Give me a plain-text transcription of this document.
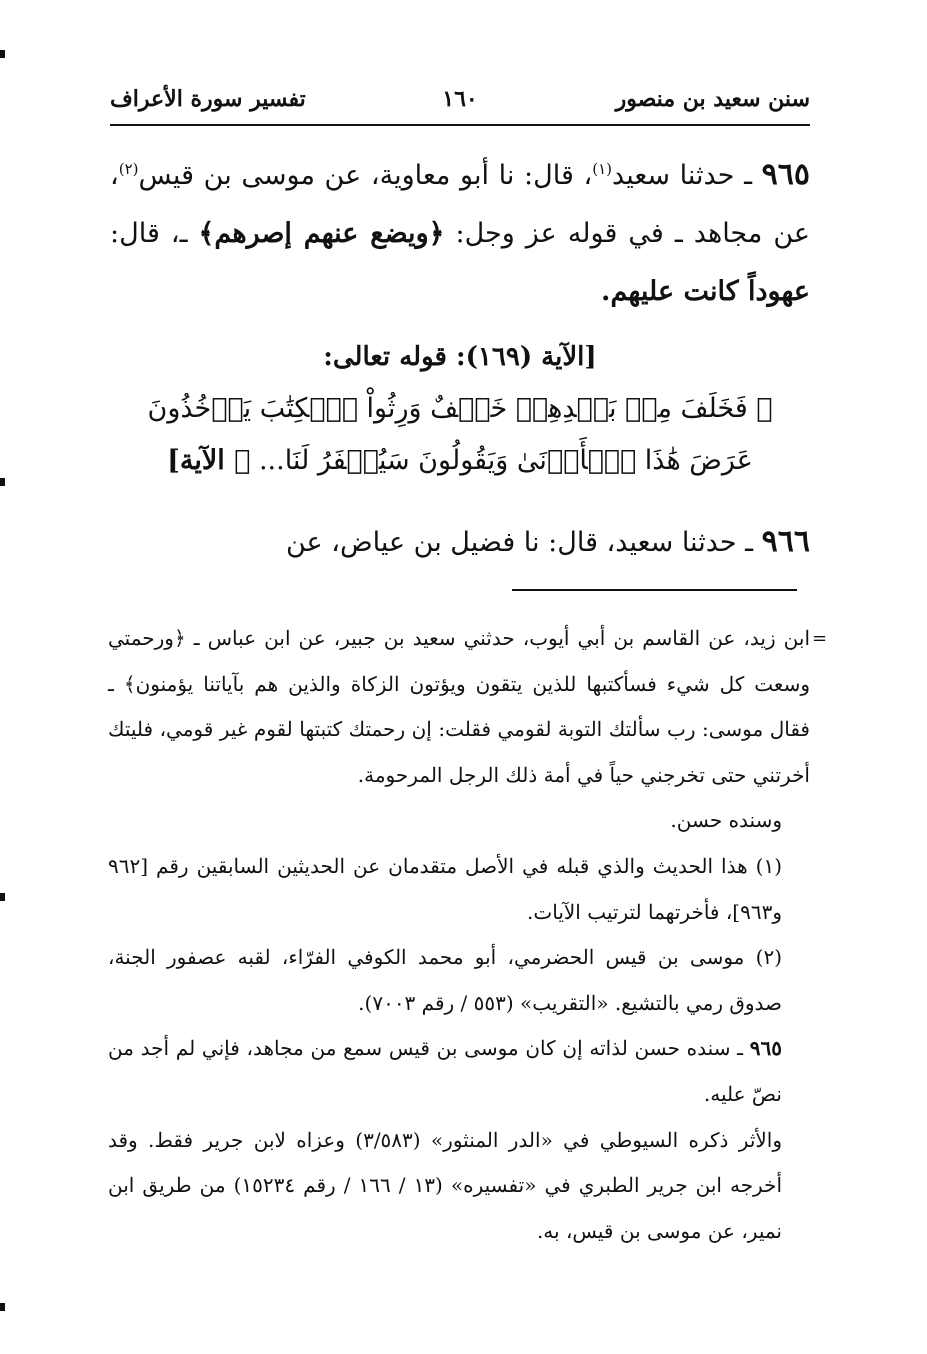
سنن سعيد بن منصور
١٦٠
تفسير سورة الأعراف

٩٦٥ ـ حدثنا سعيد$^{(١)}$، قال: نا أبو معاوية، عن موسى بن قيس$^{(٢)}$، عن مجاهد ـ في قوله عز وجل: ﴿ويضع عنهم إصرهم﴾ ـ، قال: عهوداً كانت عليهم.

[الآية (١٦٩): قوله تعالى:
﴿ فَخَلَفَ مِنۢ بَعۡدِهِمۡ خَلۡفٌ وَرِثُواْ ٱلۡكِتَٰبَ يَأۡخُذُونَ
عَرَضَ هَٰذَا ٱلۡأَدۡنَىٰ وَيَقُولُونَ سَيُغۡفَرُ لَنَا... ﴾ الآية]

٩٦٦ ـ حدثنا سعيد، قال: نا فضيل بن عياض، عن

=

ابن زيد، عن القاسم بن أبي أيوب، حدثني سعيد بن جبير، عن ابن عباس ـ ﴿ورحمتي وسعت كل شيء فسأكتبها للذين يتقون ويؤتون الزكاة والذين هم بآياتنا يؤمنون﴾ ـ فقال موسى: رب سألتك التوبة لقومي فقلت: إن رحمتك كتبتها لقوم غير قومي، فليتك أخرتني حتى تخرجني حياً في أمة ذلك الرجل المرحومة.

وسنده حسن.

(١) هذا الحديث والذي قبله في الأصل متقدمان عن الحديثين السابقين رقم [٩٦٢ و٩٦٣]، فأخرتهما لترتيب الآيات.

(٢) موسى بن قيس الحضرمي، أبو محمد الكوفي الفرّاء، لقبه عصفور الجنة، صدوق رمي بالتشيع. «التقريب» (٥٥٣ / رقم ٧٠٠٣).

٩٦٥ ـ سنده حسن لذاته إن كان موسى بن قيس سمع من مجاهد، فإني لم أجد من نصّ عليه.

والأثر ذكره السيوطي في «الدر المنثور» (٣/٥٨٣) وعزاه لابن جرير فقط. وقد أخرجه ابن جرير الطبري في «تفسيره» (١٣ / ١٦٦ / رقم ١٥٢٣٤) من طريق ابن نمير، عن موسى بن قيس، به.
